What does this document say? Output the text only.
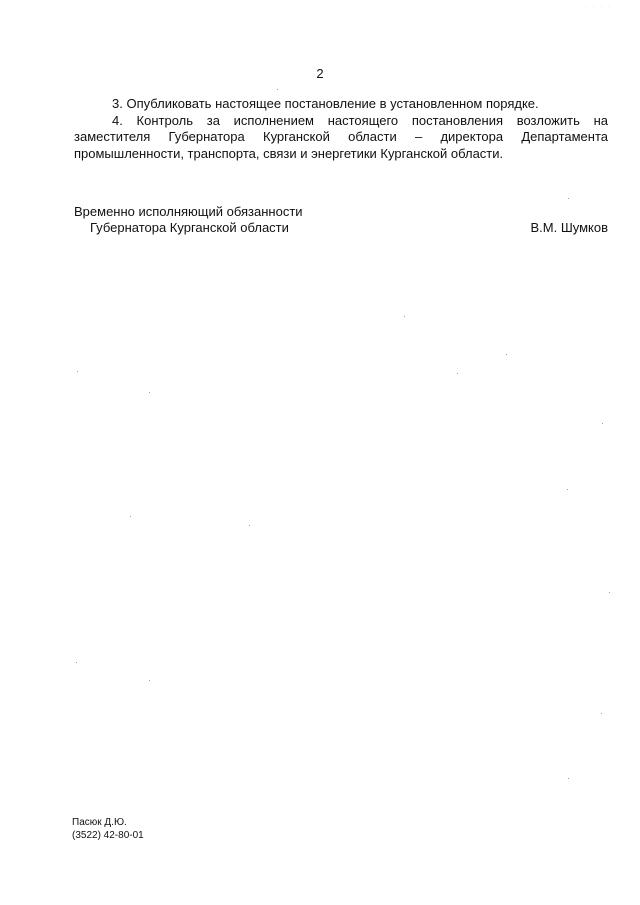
· · · ·
2

3. Опубликовать настоящее постановление в установленном порядке.

4. Контроль за исполнением настоящего постановления возложить на заместителя Губернатора Курганской области – директора Департамента

промышленности, транспорта, связи и энергетики Курганской области.

Временно исполняющий обязанности

Губернатора Курганской области	В.М. Шумков
Пасюк Д.Ю.
(3522) 42-80-01
